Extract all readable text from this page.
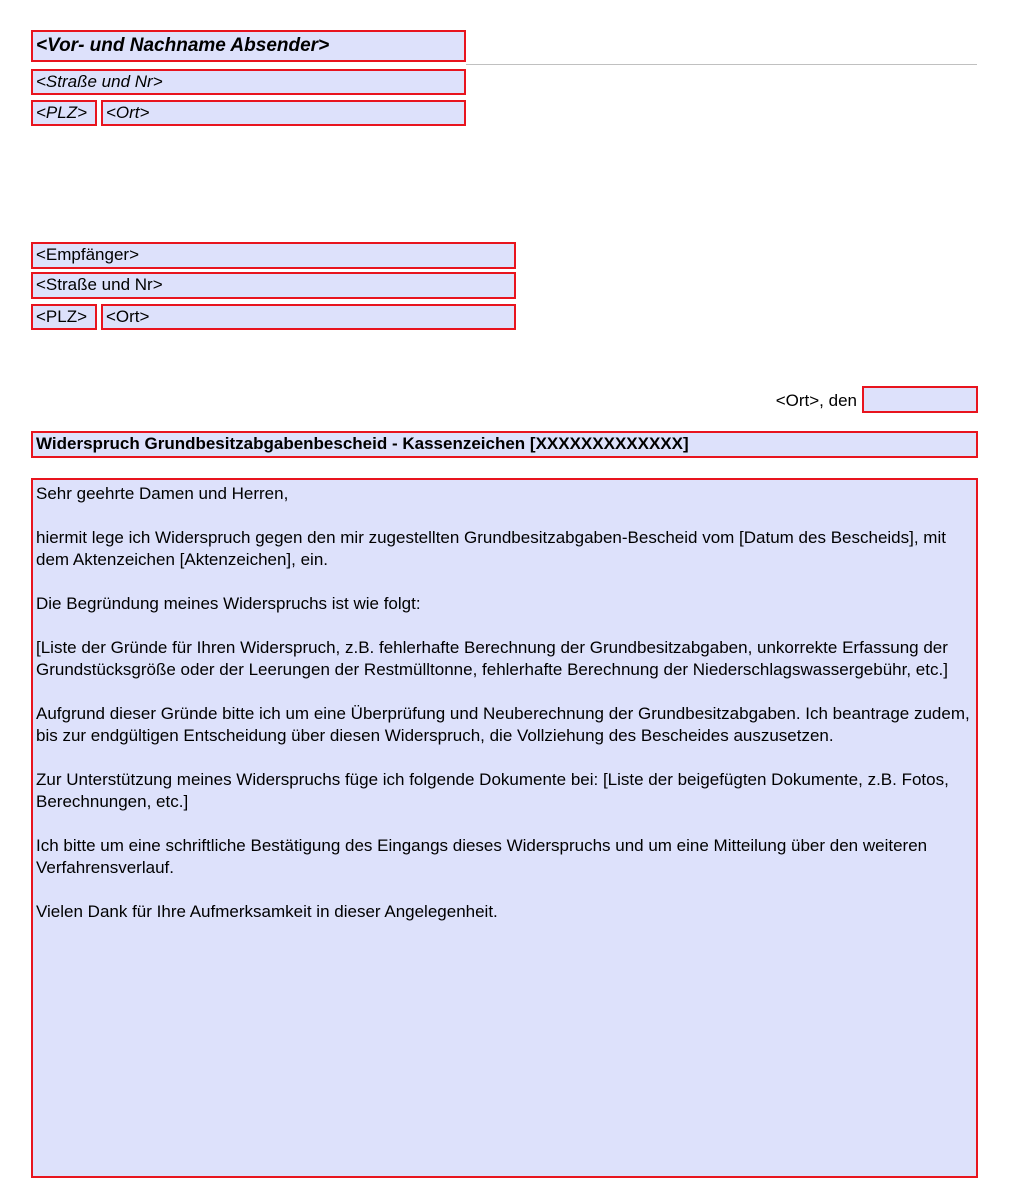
<Vor- und Nachname Absender>
<Straße und Nr>
<PLZ>	<Ort>
<Empfänger>
<Straße und Nr>
<PLZ>	<Ort>
<Ort>, den
Widerspruch Grundbesitzabgabenbescheid - Kassenzeichen [XXXXXXXXXXXXX]

Sehr geehrte Damen und Herren,

hiermit lege ich Widerspruch gegen den mir zugestellten Grundbesitzabgaben-Bescheid vom [Datum des Bescheids], mit dem Aktenzeichen [Aktenzeichen], ein.

Die Begründung meines Widerspruchs ist wie folgt:

[Liste der Gründe für Ihren Widerspruch, z.B. fehlerhafte Berechnung der Grundbesitzabgaben, unkorrekte Erfassung der Grundstücksgröße oder der Leerungen der Restmülltonne, fehlerhafte Berechnung der Niederschlagswassergebühr, etc.]

Aufgrund dieser Gründe bitte ich um eine Überprüfung und Neuberechnung der Grundbesitzabgaben. Ich beantrage zudem, bis zur endgültigen Entscheidung über diesen Widerspruch, die Vollziehung des Bescheides auszusetzen.

Zur Unterstützung meines Widerspruchs füge ich folgende Dokumente bei: [Liste der beigefügten Dokumente, z.B. Fotos, Berechnungen, etc.]

Ich bitte um eine schriftliche Bestätigung des Eingangs dieses Widerspruchs und um eine Mitteilung über den weiteren Verfahrensverlauf.

Vielen Dank für Ihre Aufmerksamkeit in dieser Angelegenheit.
